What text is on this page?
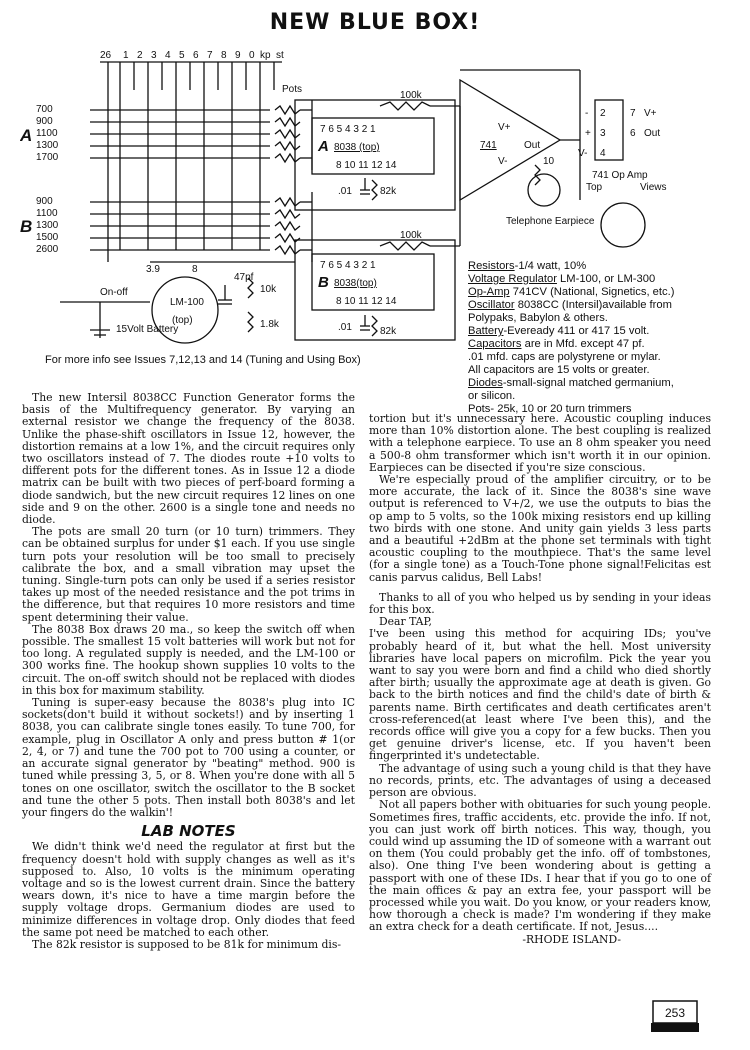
NEW BLUE BOX!
26 1 2 3 4 5 6 7 8 9 0 kp st
700
900
1100
1300
1700
A
900
1100
1300
1500
2600
B
Pots
7 6 5 4 3 2 1
A 8038 (top)
8 10 11 12 14
7 6 5 4 3 2 1
B 8038(top)
8 10 11 12 14
100k
100k
.01
.01
82k
82k
V+
741	Out
V-	10
Telephone Earpiece
- 2
+ 3
V- 4
7 V+
6 Out
741 Op Amp
Top	Views
LM-100
(top)
3.9	8
47pf
10k
1.8k
On-off
15Volt Battery
For more info see Issues 7,12,13 and 14 (Tuning and Using Box)
Resistors-1/4 watt, 10%
Voltage Regulator LM-100, or LM-300
Op-Amp 741CV (National, Signetics, etc.)
Oscillator 8038CC (Intersil)available from
Polypaks, Babylon & others.
Battery-Eveready 411 or 417 15 volt.
Capacitors are in Mfd. except 47 pf.
.01 mfd. caps are polystyrene or mylar.
All capacitors are 15 volts or greater.
Diodes-small-signal matched germanium,
or silicon.
Pots- 25k, 10 or 20 turn trimmers

The new Intersil 8038CC Function Generator forms the basis of the Multifrequency generator. By varying an external resistor we change the frequency of the 8038. Unlike the phase-shift oscillators in Issue 12, however, the distortion remains at a low 1%, and the circuit requires only two oscillators instead of 7. The diodes route +10 volts to different pots for the different tones. As in Issue 12 a diode matrix can be built with two pieces of perf-board forming a diode sandwich, but the new circuit requires 12 lines on one side and 9 on the other. 2600 is a single tone and needs no diode.

The pots are small 20 turn (or 10 turn) trimmers. They can be obtained surplus for under $1 each. If you use single turn pots your resolution will be too small to precisely calibrate the box, and a small vibration may upset the tuning. Single-turn pots can only be used if a series resistor takes up most of the needed resistance and the pot trims in the difference, but that requires 10 more resistors and time spent determining their value.

The 8038 Box draws 20 ma., so keep the switch off when possible. The smallest 15 volt batteries will work but not for too long. A regulated supply is needed, and the LM-100 or 300 works fine. The hookup shown supplies 10 volts to the circuit. The on-off switch should not be replaced with diodes in this box for maximum stability.

Tuning is super-easy because the 8038's plug into IC sockets(don't build it without sockets!) and by inserting 1 8038, you can calibrate single tones easily. To tune 700, for example, plug in Oscillator A only and press button # 1(or 2, 4, or 7) and tune the 700 pot to 700 using a counter, or an accurate signal generator by "beating" method. 900 is tuned while pressing 3, 5, or 8. When you're done with all 5 tones on one oscillator, switch the oscillator to the B socket and tune the other 5 pots. Then install both 8038's and let your fingers do the walkin'!

LAB NOTES

We didn't think we'd need the regulator at first but the frequency doesn't hold with supply changes as well as it's supposed to. Also, 10 volts is the minimum operating voltage and so is the lowest current drain. Since the battery wears down, it's nice to have a time margin before the supply voltage drops. Germanium diodes are used to minimize differences in voltage drop. Only diodes that feed the same pot need be matched to each other.

The 82k resistor is supposed to be 81k for minimum dis-

tortion but it's unnecessary here. Acoustic coupling induces more than 10% distortion alone. The best coupling is realized with a telephone earpiece. To use an 8 ohm speaker you need a 500-8 ohm transformer which isn't worth it in our opinion. Earpieces can be disected if you're size conscious.

We're especially proud of the amplifier circuitry, or to be more accurate, the lack of it. Since the 8038's sine wave output is referenced to V+/2, we use the outputs to bias the op amp to 5 volts, so the 100k mixing resistors end up killing two birds with one stone. And unity gain yields 3 less parts and a beautiful +2dBm at the phone set terminals with tight acoustic coupling to the mouthpiece. That's the same level (for a single tone) as a Touch-Tone phone signal!Felicitas est canis parvus calidus, Bell Labs!

Thanks to all of you who helped us by sending in your ideas for this box.

Dear TAP,

I've been using this method for acquiring IDs; you've probably heard of it, but what the hell. Most university libraries have local papers on microfilm. Pick the year you want to say you were born and find a child who died shortly after birth; usually the approximate age at death is given. Go back to the birth notices and find the child's date of birth & parents name. Birth certificates and death certificates aren't cross-referenced(at least where I've been this), and the records office will give you a copy for a few bucks. Then you get genuine driver's license, etc. If you haven't been fingerprinted it's undetectable.

The advantage of using such a young child is that they have no records, prints, etc. The advantages of using a deceased person are obvious.

Not all papers bother with obituaries for such young people. Sometimes fires, traffic accidents, etc. provide the info. If not, you can just work off birth notices. This way, though, you could wind up assuming the ID of someone with a warrant out on them (You could probably get the info. off of tombstones, also). One thing I've been wondering about is getting a passport with one of these IDs. I hear that if you go to one of the main offices & pay an extra fee, your passport will be processed while you wait. Do you know, or your readers know, how thorough a check is made? I'm wondering if they make an extra check for a death certificate. If not, Jesus....

-RHODE ISLAND-
253
